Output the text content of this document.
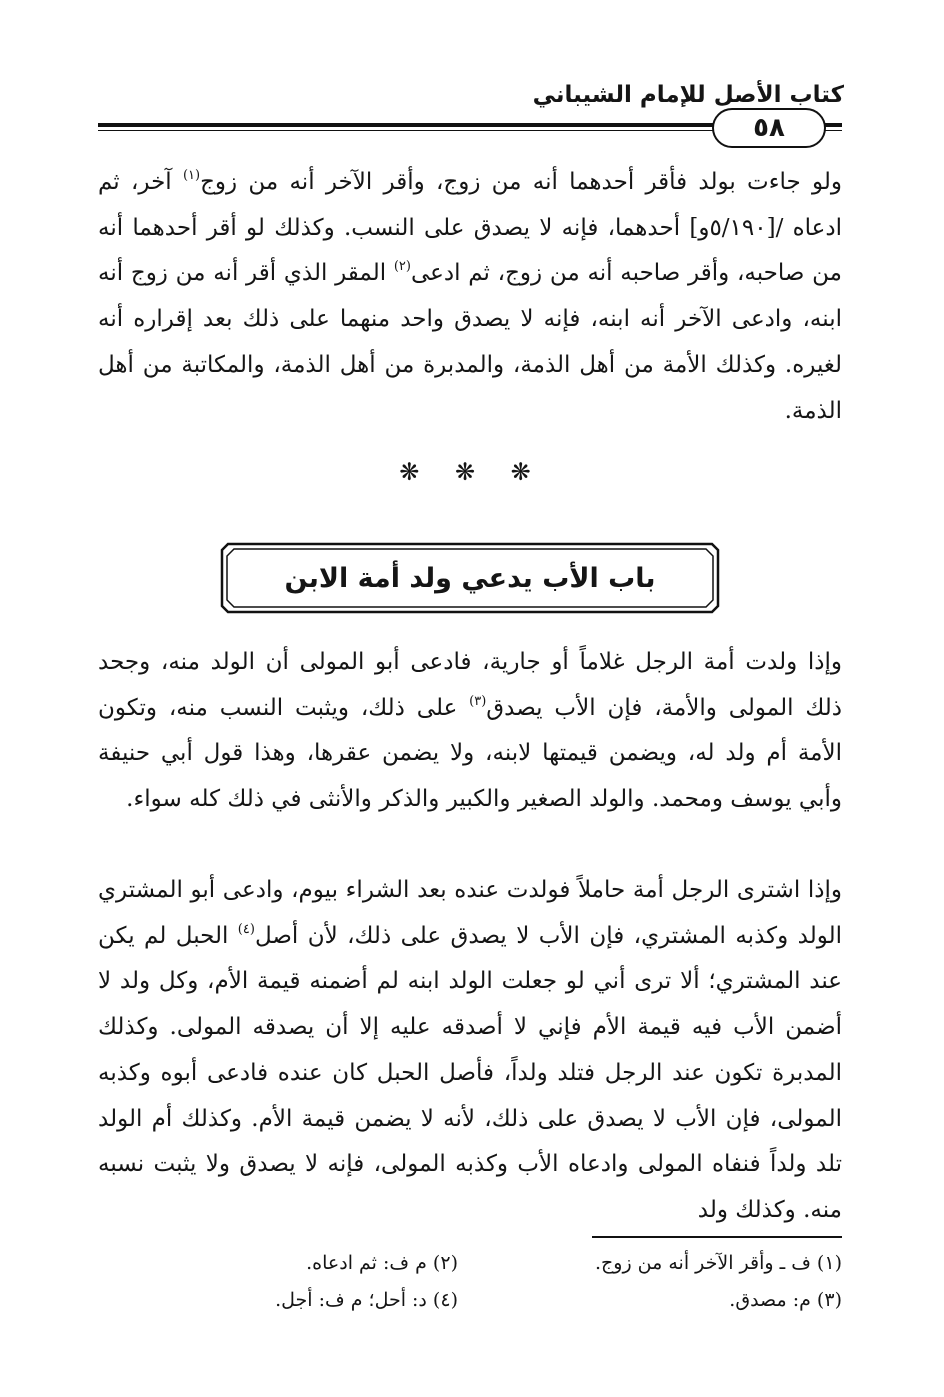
كتاب الأصل للإمام الشيباني
٥٨

ولو جاءت بولد فأقر أحدهما أنه من زوج، وأقر الآخر أنه من زوج$^{(١)}$ آخر، ثم ادعاه /[٥/١٩٠و] أحدهما، فإنه لا يصدق على النسب. وكذلك لو أقر أحدهما أنه من صاحبه، وأقر صاحبه أنه من زوج، ثم ادعى$^{(٢)}$ المقر الذي أقر أنه من زوج أنه ابنه، وادعى الآخر أنه ابنه، فإنه لا يصدق واحد منهما على ذلك بعد إقراره أنه لغيره. وكذلك الأمة من أهل الذمة، والمدبرة من أهل الذمة، والمكاتبة من أهل الذمة.

❋ ❋ ❋
باب الأب يدعي ولد أمة الابن

وإذا ولدت أمة الرجل غلاماً أو جارية، فادعى أبو المولى أن الولد منه، وجحد ذلك المولى والأمة، فإن الأب يصدق$^{(٣)}$ على ذلك، ويثبت النسب منه، وتكون الأمة أم ولد له، ويضمن قيمتها لابنه، ولا يضمن عقرها، وهذا قول أبي حنيفة وأبي يوسف ومحمد. والولد الصغير والكبير والذكر والأنثى في ذلك كله سواء.

وإذا اشترى الرجل أمة حاملاً فولدت عنده بعد الشراء بيوم، وادعى أبو المشتري الولد وكذبه المشتري، فإن الأب لا يصدق على ذلك، لأن أصل$^{(٤)}$ الحبل لم يكن عند المشتري؛ ألا ترى أني لو جعلت الولد ابنه لم أضمنه قيمة الأم، وكل ولد لا أضمن الأب فيه قيمة الأم فإني لا أصدقه عليه إلا أن يصدقه المولى. وكذلك المدبرة تكون عند الرجل فتلد ولداً، فأصل الحبل كان عنده فادعى أبوه وكذبه المولى، فإن الأب لا يصدق على ذلك، لأنه لا يضمن قيمة الأم. وكذلك أم الولد تلد ولداً فنفاه المولى وادعاه الأب وكذبه المولى، فإنه لا يصدق ولا يثبت نسبه منه. وكذلك ولد

(١) ف ـ وأقر الآخر أنه من زوج.
(٢) م ف: ثم ادعاه.
(٣) م: مصدق.
(٤) د: أحل؛ م ف: أجل.
